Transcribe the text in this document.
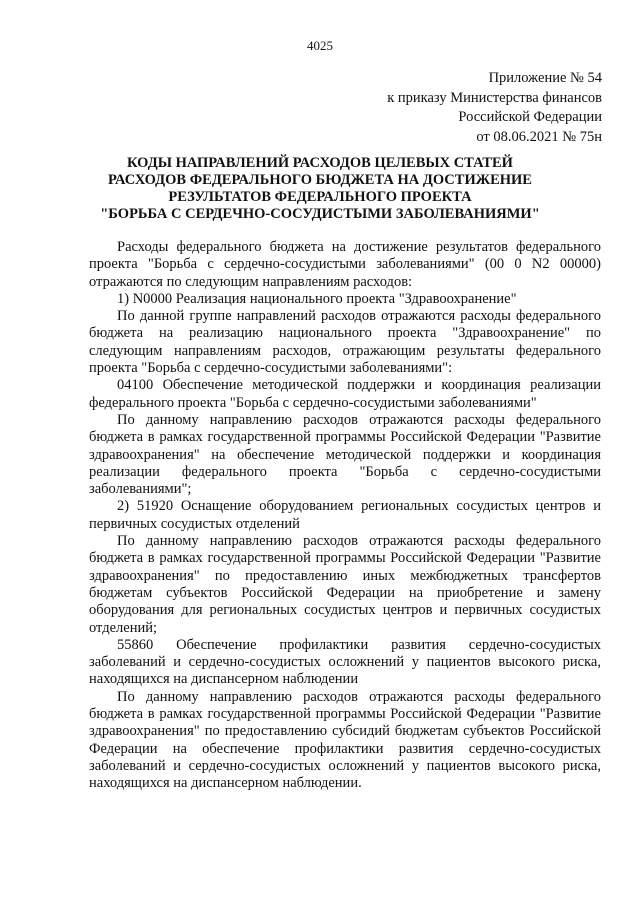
4025
Приложение № 54
к приказу Министерства финансов
Российской Федерации
от 08.06.2021 № 75н
КОДЫ НАПРАВЛЕНИЙ РАСХОДОВ ЦЕЛЕВЫХ СТАТЕЙ
РАСХОДОВ ФЕДЕРАЛЬНОГО БЮДЖЕТА НА ДОСТИЖЕНИЕ
РЕЗУЛЬТАТОВ ФЕДЕРАЛЬНОГО ПРОЕКТА
"БОРЬБА С СЕРДЕЧНО-СОСУДИСТЫМИ ЗАБОЛЕВАНИЯМИ"

Расходы федерального бюджета на достижение результатов федерального проекта "Борьба с сердечно-сосудистыми заболеваниями" (00 0 N2 00000) отражаются по следующим направлениям расходов:

1) N0000 Реализация национального проекта "Здравоохранение"

По данной группе направлений расходов отражаются расходы федерального бюджета на реализацию национального проекта "Здравоохранение" по следующим направлениям расходов, отражающим результаты федерального проекта "Борьба с сердечно-сосудистыми заболеваниями":

04100 Обеспечение методической поддержки и координация реализации федерального проекта "Борьба с сердечно-сосудистыми заболеваниями"

По данному направлению расходов отражаются расходы федерального бюджета в рамках государственной программы Российской Федерации "Развитие здравоохранения" на обеспечение методической поддержки и координация реализации федерального проекта "Борьба с сердечно-сосудистыми заболеваниями";

2) 51920 Оснащение оборудованием региональных сосудистых центров и первичных сосудистых отделений

По данному направлению расходов отражаются расходы федерального бюджета в рамках государственной программы Российской Федерации "Развитие здравоохранения" по предоставлению иных межбюджетных трансфертов бюджетам субъектов Российской Федерации на приобретение и замену оборудования для региональных сосудистых центров и первичных сосудистых отделений;

55860 Обеспечение профилактики развития сердечно-сосудистых заболеваний и сердечно-сосудистых осложнений у пациентов высокого риска, находящихся на диспансерном наблюдении

По данному направлению расходов отражаются расходы федерального бюджета в рамках государственной программы Российской Федерации "Развитие здравоохранения" по предоставлению субсидий бюджетам субъектов Российской Федерации на обеспечение профилактики развития сердечно-сосудистых заболеваний и сердечно-сосудистых осложнений у пациентов высокого риска, находящихся на диспансерном наблюдении.
